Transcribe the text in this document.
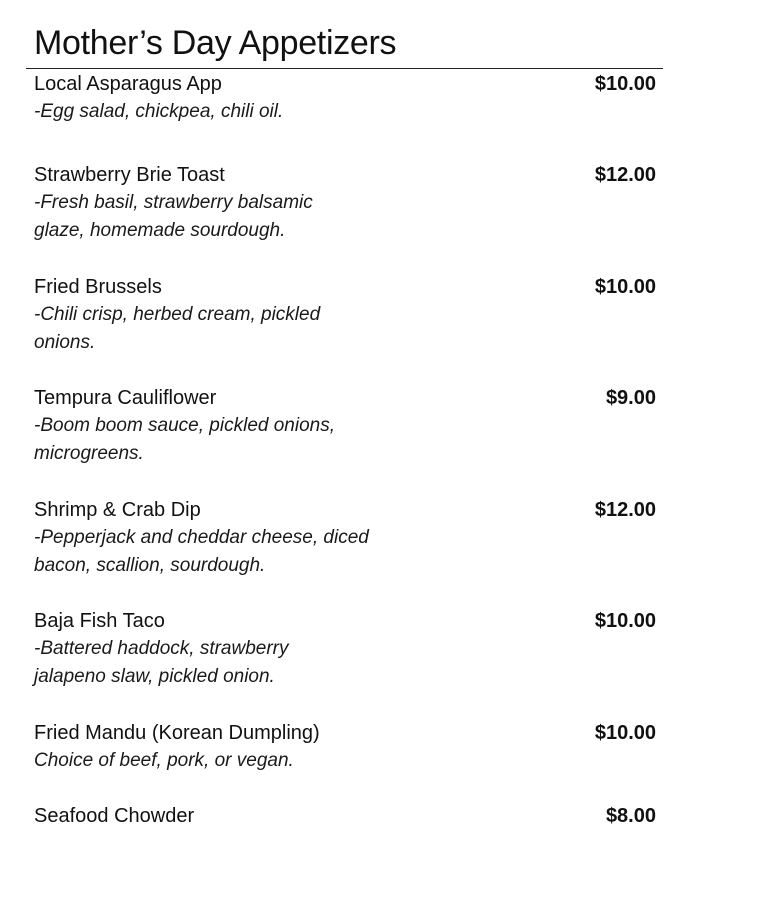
Mother’s Day Appetizers
Local Asparagus App	$10.00
-Egg salad, chickpea, chili oil.
Strawberry Brie Toast	$12.00
-Fresh basil, strawberry balsamic
glaze, homemade sourdough.
Fried Brussels	$10.00
-Chili crisp, herbed cream, pickled
onions.
Tempura Cauliflower	$9.00
-Boom boom sauce, pickled onions,
microgreens.
Shrimp & Crab Dip	$12.00
-Pepperjack and cheddar cheese, diced
bacon, scallion, sourdough.
Baja Fish Taco	$10.00
-Battered haddock, strawberry
jalapeno slaw, pickled onion.
Fried Mandu (Korean Dumpling)	$10.00
Choice of beef, pork, or vegan.
Seafood Chowder	$8.00
